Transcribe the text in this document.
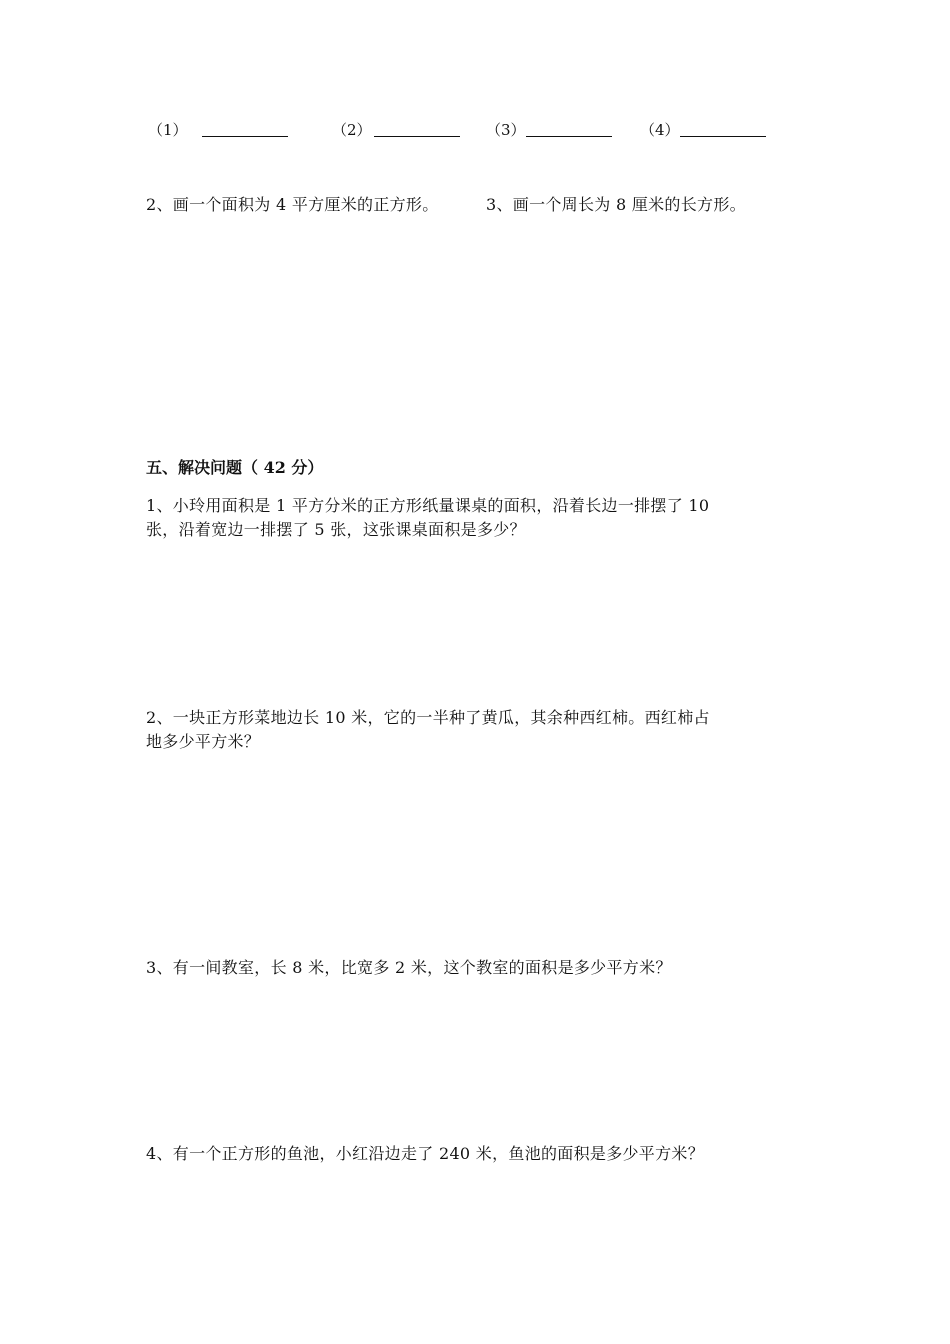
（1）	（2）	（3）	（4）
2、画一个面积为 4 平方厘米的正方形。	3、画一个周长为 8 厘米的长方形。
五、解决问题（ 42 分）
1、小玲用面积是 1 平方分米的正方形纸量课桌的面积，沿着长边一排摆了 10
张，沿着宽边一排摆了 5 张，这张课桌面积是多少？
2、一块正方形菜地边长 10 米，它的一半种了黄瓜，其余种西红柿。西红柿占
地多少平方米？
3、有一间教室，长 8 米，比宽多 2 米，这个教室的面积是多少平方米？
4、有一个正方形的鱼池，小红沿边走了 240 米，鱼池的面积是多少平方米？
